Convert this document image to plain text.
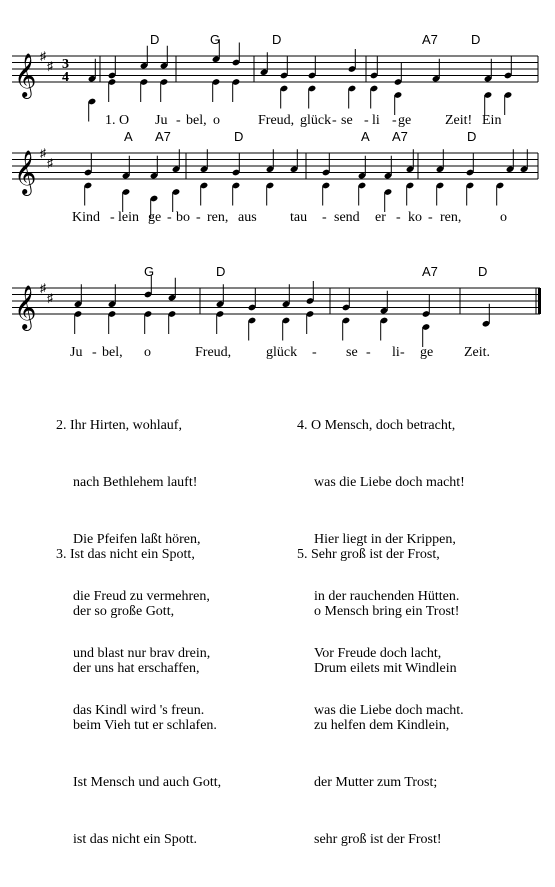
𝄞 ♯
♯ 3
4
D	G	D	A7	D
1. O Ju - bel, o	Freud, glück - se - li - ge Zeit! Ein
𝄞 ♯
♯
A A7	D	A A7	D
Kind - lein ge - bo - ren, aus tau - send er - ko - ren,	o
𝄞 ♯
♯
G	D	A7	D
Ju - bel, o	Freud, glück - se - li - ge Zeit.

2. Ihr Hirten, wohlauf,

nach Bethlehem lauft!

Die Pfeifen laßt hören,

die Freud zu vermehren,

und blast nur brav drein,

das Kindl wird 's freun.

3. Ist das nicht ein Spott,

der so große Gott,

der uns hat erschaffen,

beim Vieh tut er schlafen.

Ist Mensch und auch Gott,

ist das nicht ein Spott.

4. O Mensch, doch betracht,

was die Liebe doch macht!

Hier liegt in der Krippen,

in der rauchenden Hütten.

Vor Freude doch lacht,

was die Liebe doch macht.

5. Sehr groß ist der Frost,

o Mensch bring ein Trost!

Drum eilets mit Windlein

zu helfen dem Kindlein,

der Mutter zum Trost;

sehr groß ist der Frost!
